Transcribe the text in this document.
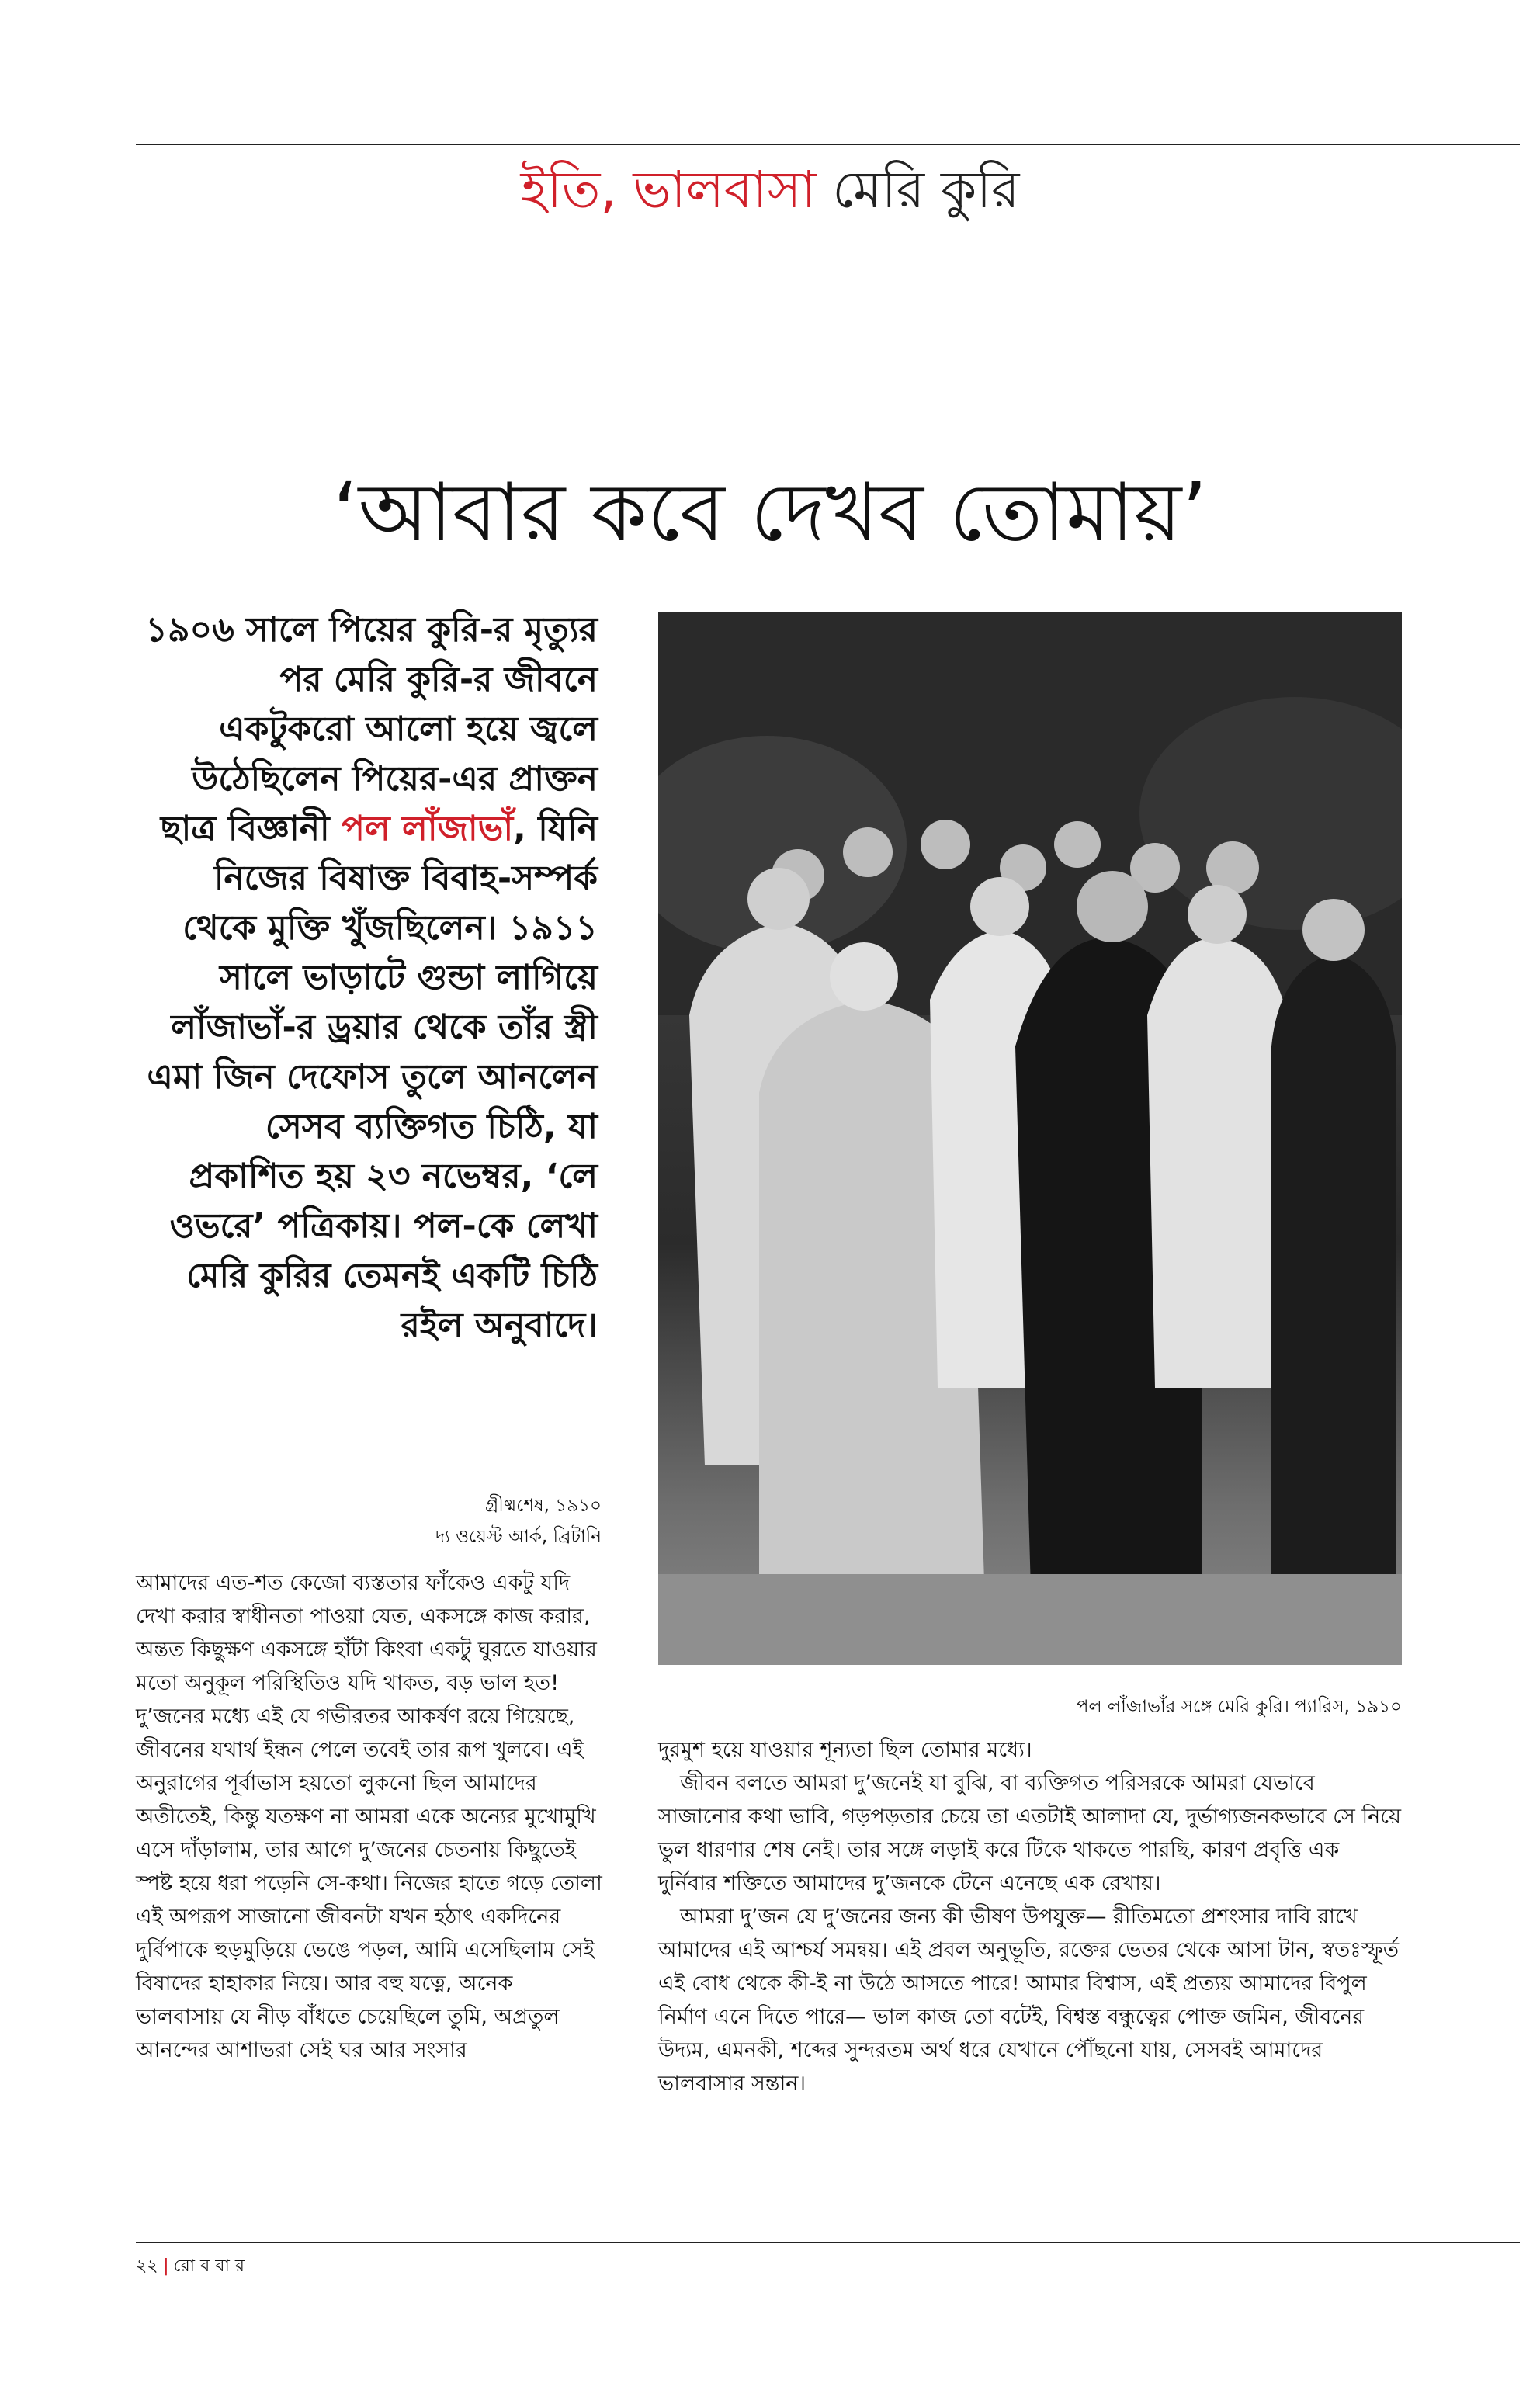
ইতি, ভালবাসা মেরি কুরি
‘আবার কবে দেখব তোমায়’
১৯০৬ সালে পিয়ের কুরি-র মৃত্যুর পর মেরি কুরি-র জীবনে একটুকরো আলো হয়ে জ্বলে উঠেছিলেন পিয়ের-এর প্রাক্তন ছাত্র বিজ্ঞানী পল লাঁজাভাঁ, যিনি নিজের বিষাক্ত বিবাহ-সম্পর্ক থেকে মুক্তি খুঁজছিলেন। ১৯১১ সালে ভাড়াটে গুন্ডা লাগিয়ে লাঁজাভাঁ-র ড্রয়ার থেকে তাঁর স্ত্রী এমা জিন দেফোস তুলে আনলেন সেসব ব্যক্তিগত চিঠি, যা প্রকাশিত হয় ২৩ নভেম্বর, ‘লে ওভরে’ পত্রিকায়। পল-কে লেখা মেরি কুরির তেমনই একটি চিঠি রইল অনুবাদে।
গ্রীষ্মশেষ, ১৯১০
দ্য ওয়েস্ট আর্ক, ব্রিটানি
পল লাঁজাভাঁর সঙ্গে মেরি কুরি। প্যারিস, ১৯১০

আমাদের এত-শত কেজো ব্যস্ততার ফাঁকেও একটু যদি দেখা করার স্বাধীনতা পাওয়া যেত, একসঙ্গে কাজ করার, অন্তত কিছুক্ষণ একসঙ্গে হাঁটা কিংবা একটু ঘুরতে যাওয়ার মতো অনুকূল পরিস্থিতিও যদি থাকত, বড় ভাল হত! দু’জনের মধ্যে এই যে গভীরতর আকর্ষণ রয়ে গিয়েছে, জীবনের যথার্থ ইন্ধন পেলে তবেই তার রূপ খুলবে। এই অনুরাগের পূর্বাভাস হয়তো লুকনো ছিল আমাদের অতীতেই, কিন্তু যতক্ষণ না আমরা একে অন্যের মুখোমুখি এসে দাঁড়ালাম, তার আগে দু’জনের চেতনায় কিছুতেই স্পষ্ট হয়ে ধরা পড়েনি সে-কথা। নিজের হাতে গড়ে তোলা এই অপরূপ সাজানো জীবনটা যখন হঠাৎ একদিনের দুর্বিপাকে হুড়মুড়িয়ে ভেঙে পড়ল, আমি এসেছিলাম সেই বিষাদের হাহাকার নিয়ে। আর বহু যত্নে, অনেক ভালবাসায় যে নীড় বাঁধতে চেয়েছিলে তুমি, অপ্রতুল আনন্দের আশাভরা সেই ঘর আর সংসার

দুরমুশ হয়ে যাওয়ার শূন্যতা ছিল তোমার মধ্যে।

জীবন বলতে আমরা দু’জনেই যা বুঝি, বা ব্যক্তিগত পরিসরকে আমরা যেভাবে সাজানোর কথা ভাবি, গড়পড়তার চেয়ে তা এতটাই আলাদা যে, দুর্ভাগ্যজনকভাবে সে নিয়ে ভুল ধারণার শেষ নেই। তার সঙ্গে লড়াই করে টিকে থাকতে পারছি, কারণ প্রবৃত্তি এক দুর্নিবার শক্তিতে আমাদের দু’জনকে টেনে এনেছে এক রেখায়।

আমরা দু’জন যে দু’জনের জন্য কী ভীষণ উপযুক্ত— রীতিমতো প্রশংসার দাবি রাখে আমাদের এই আশ্চর্য সমন্বয়। এই প্রবল অনুভূতি, রক্তের ভেতর থেকে আসা টান, স্বতঃস্ফূর্ত এই বোধ থেকে কী-ই না উঠে আসতে পারে! আমার বিশ্বাস, এই প্রত্যয় আমাদের বিপুল নির্মাণ এনে দিতে পারে— ভাল কাজ তো বটেই, বিশ্বস্ত বন্ধুত্বের পোক্ত জমিন, জীবনের উদ্যম, এমনকী, শব্দের সুন্দরতম অর্থ ধরে যেখানে পৌঁছনো যায়, সেসবই আমাদের ভালবাসার সন্তান।

২২ | রো ব বা র
